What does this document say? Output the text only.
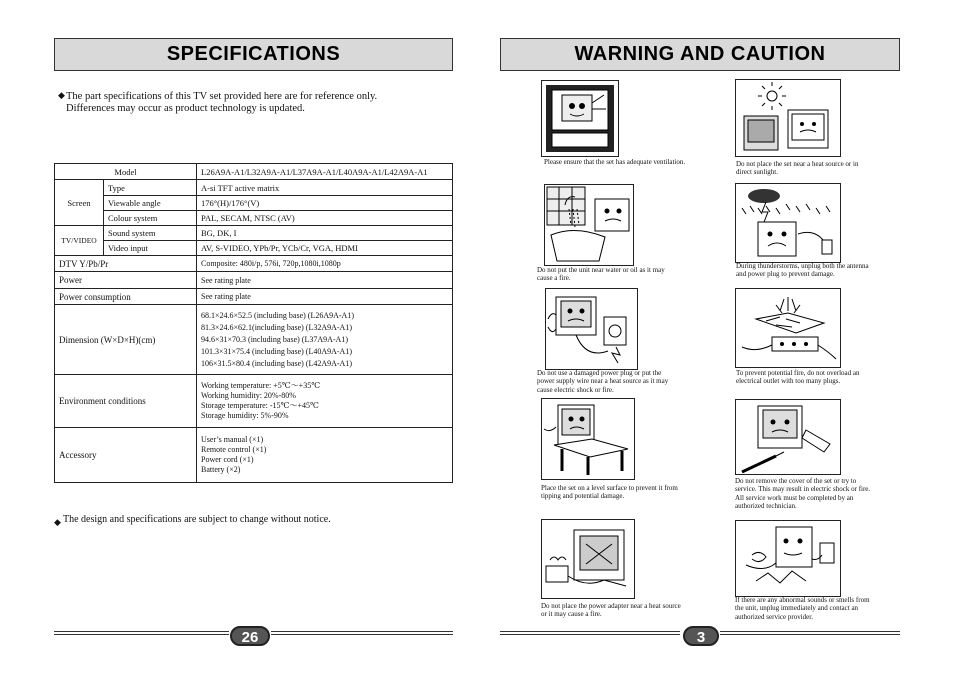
SPECIFICATIONS
◆ The part specifications of this TV set provided here are for reference only.
Differences may occur as product technology is updated.
Model		L26A9A-A1/L32A9A-A1/L37A9A-A1/L40A9A-A1/L42A9A-A1
Screen	Type	A-si TFT active matrix
	Viewable angle	176°(H)/176°(V)
	Colour system	PAL, SECAM, NTSC (AV)
TV/VIDEO	Sound system	BG, DK, I
	Video input	AV, S-VIDEO, YPb/Pr, YCb/Cr, VGA, HDMI
DTV Y/Pb/Pr		Composite: 480i/p, 576i, 720p,1080i,1080p
Power		See rating plate
Power consumption		See rating plate
Dimension (W×D×H)(cm)		68.1×24.6×52.5 (including base) (L26A9A-A1)
81.3×24.6×62.1(including base) (L32A9A-A1)
94.6×31×70.3 (including base) (L37A9A-A1)
101.3×31×75.4 (including base) (L40A9A-A1)
106×31.5×80.4 (including base) (L42A9A-A1)

Environment conditions		Working temperature: +5℃～+35℃
Working humidity: 20%-80%
Storage temperature: -15℃～+45℃
Storage humidity: 5%-90%

Accessory		User’s manual (×1)
Remote control (×1)
Power cord (×1)
Battery (×2)
◆ The design and specifications are subject to change without notice.
26
WARNING AND CAUTION
Please ensure that the set has adequate ventilation.	Do not place the set near a heat source or in direct sunlight.
Do not put the unit near water or oil as it may cause a fire.
During thunderstorms, unplug both the antenna and power plug to prevent damage.
Do not use a damaged power plug or put the power supply wire near a heat source as it may cause electric shock or fire.
To prevent potential fire, do not overload an electrical outlet with too many plugs.
Place the set on a level surface to prevent it from tipping and potential damage.
Do not remove the cover of the set or try to service. This may result in electric shock or fire. All service work must be completed by an authorized technician.
Do not place the power adapter near a heat source or it may cause a fire.
If there are any abnormal sounds or smells from the unit, unplug immediately and contact an authorized service provider.
3
